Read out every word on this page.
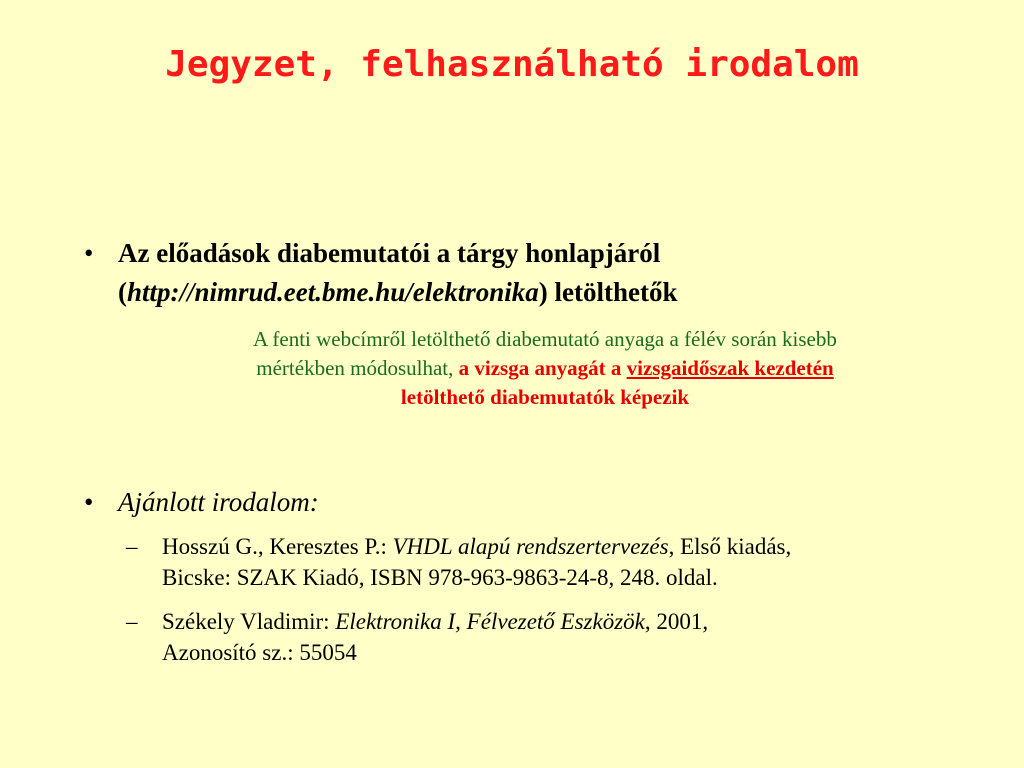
Jegyzet, felhasználható irodalom
• Az előadások diabemutatói a tárgy honlapjáról
(http://nimrud.eet.bme.hu/elektronika) letölthetők
A fenti webcímről letölthető diabemutató anyaga a félév során kisebb
mértékben módosulhat, a vizsga anyagát a vizsgaidőszak kezdetén
letölthető diabemutatók képezik
• Ajánlott irodalom:
– Hosszú G., Keresztes P.: VHDL alapú rendszertervezés, Első kiadás,
Bicske: SZAK Kiadó, ISBN 978-963-9863-24-8, 248. oldal.
– Székely Vladimir: Elektronika I, Félvezető Eszközök, 2001,
Azonosító sz.: 55054
